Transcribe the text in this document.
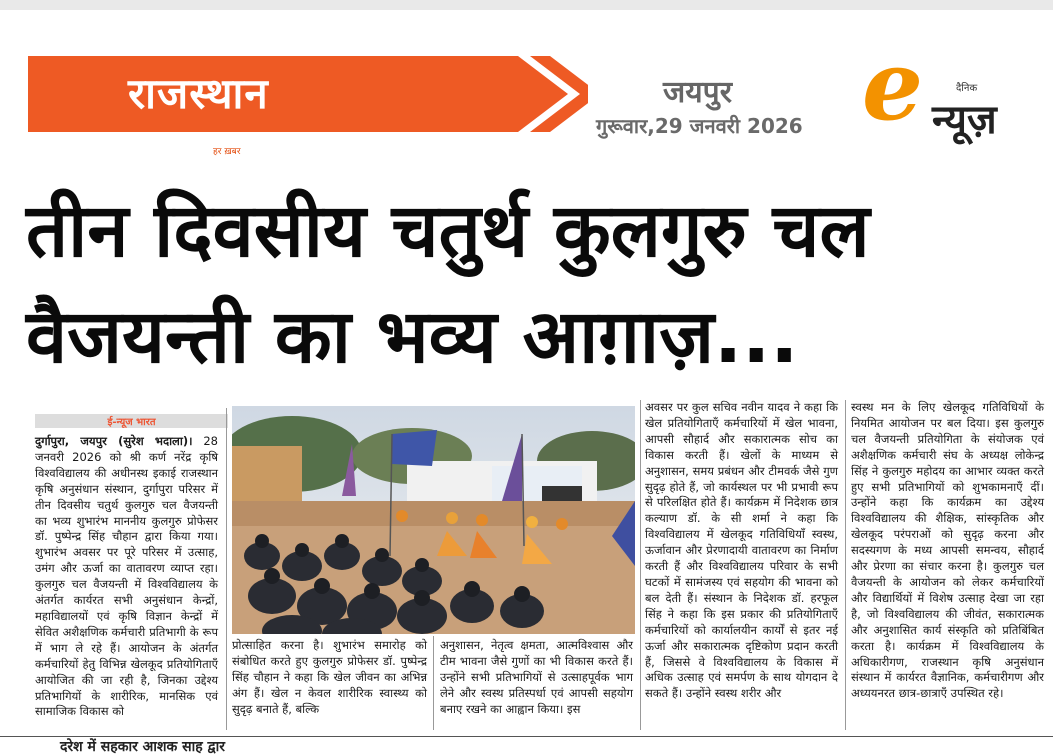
राजस्थान	जयपुर
गुरूवार,29 जनवरी 2026 e	दैनिक
न्यूज़
हर ख़बर
तीन दिवसीय चतुर्थ कुलगुरु चल वैजयन्ती का भव्य आग़ाज़...
ई-न्यूज भारत

दुर्गापुरा, जयपुर (सुरेश भदाला)। 28 जनवरी 2026 को श्री कर्ण नरेंद्र कृषि विश्वविद्यालय की अधीनस्थ इकाई राजस्थान कृषि अनुसंधान संस्थान, दुर्गापुरा परिसर में तीन दिवसीय चतुर्थ कुलगुरु चल वैजयन्ती का भव्य शुभारंभ माननीय कुलगुरु प्रोफेसर डॉ. पुष्पेन्द्र सिंह चौहान द्वारा किया गया। शुभारंभ अवसर पर पूरे परिसर में उत्साह, उमंग और ऊर्जा का वातावरण व्याप्त रहा। कुलगुरु चल वैजयन्ती में विश्वविद्यालय के अंतर्गत कार्यरत सभी अनुसंधान केन्द्रों, महाविद्यालयों एवं कृषि विज्ञान केन्द्रों में सेवित अशैक्षणिक कर्मचारी प्रतिभागी के रूप में भाग ले रहे हैं। आयोजन के अंतर्गत कर्मचारियों हेतु विभिन्न खेलकूद प्रतियोगिताएँ आयोजित की जा रही है, जिनका उद्देश्य प्रतिभागियों के शारीरिक, मानसिक एवं सामाजिक विकास को

प्रोत्साहित करना है। शुभारंभ समारोह को संबोधित करते हुए कुलगुरु प्रोफेसर डॉ. पुष्पेन्द्र सिंह चौहान ने कहा कि खेल जीवन का अभिन्न अंग हैं। खेल न केवल शारीरिक स्वास्थ्य को सुदृढ़ बनाते हैं, बल्कि

अनुशासन, नेतृत्व क्षमता, आत्मविश्वास और टीम भावना जैसे गुणों का भी विकास करते हैं। उन्होंने सभी प्रतिभागियों से उत्साहपूर्वक भाग लेने और स्वस्थ प्रतिस्पर्धा एवं आपसी सहयोग बनाए रखने का आह्वान किया। इस

अवसर पर कुल सचिव नवीन यादव ने कहा कि खेल प्रतियोगिताएँ कर्मचारियों में खेल भावना, आपसी सौहार्द और सकारात्मक सोच का विकास करती हैं। खेलों के माध्यम से अनुशासन, समय प्रबंधन और टीमवर्क जैसे गुण सुदृढ़ होते हैं, जो कार्यस्थल पर भी प्रभावी रूप से परिलक्षित होते हैं। कार्यक्रम में निदेशक छात्र कल्याण डॉ. के सी शर्मा ने कहा कि विश्वविद्यालय में खेलकूद गतिविधियाँ स्वस्थ, ऊर्जावान और प्रेरणादायी वातावरण का निर्माण करती हैं और विश्वविद्यालय परिवार के सभी घटकों में सामंजस्य एवं सहयोग की भावना को बल देती हैं। संस्थान के निदेशक डॉ. हरफूल सिंह ने कहा कि इस प्रकार की प्रतियोगिताएँ कर्मचारियों को कार्यालयीन कार्यों से इतर नई ऊर्जा और सकारात्मक दृष्टिकोण प्रदान करती हैं, जिससे वे विश्वविद्यालय के विकास में अधिक उत्साह एवं समर्पण के साथ योगदान दे सकते हैं। उन्होंने स्वस्थ शरीर और

स्वस्थ मन के लिए खेलकूद गतिविधियों के नियमित आयोजन पर बल दिया। इस कुलगुरु चल वैजयन्ती प्रतियोगिता के संयोजक एवं अशैक्षणिक कर्मचारी संघ के अध्यक्ष लोकेन्द्र सिंह ने कुलगुरु महोदय का आभार व्यक्त करते हुए सभी प्रतिभागियों को शुभकामनाएँ दीं। उन्होंने कहा कि कार्यक्रम का उद्देश्य विश्वविद्यालय की शैक्षिक, सांस्कृतिक और खेलकूद परंपराओं को सुदृढ़ करना और सदस्यगण के मध्य आपसी समन्वय, सौहार्द और प्रेरणा का संचार करना है। कुलगुरु चल वैजयन्ती के आयोजन को लेकर कर्मचारियों और विद्यार्थियों में विशेष उत्साह देखा जा रहा है, जो विश्वविद्यालय की जीवंत, सकारात्मक और अनुशासित कार्य संस्कृति को प्रतिबिंबित करता है। कार्यक्रम में विश्वविद्यालय के अधिकारीगण, राजस्थान कृषि अनुसंधान संस्थान में कार्यरत वैज्ञानिक, कर्मचारीगण और अध्ययनरत छात्र-छात्राएँ उपस्थित रहे।

दरेश में सहकार आशक साह द्वार
